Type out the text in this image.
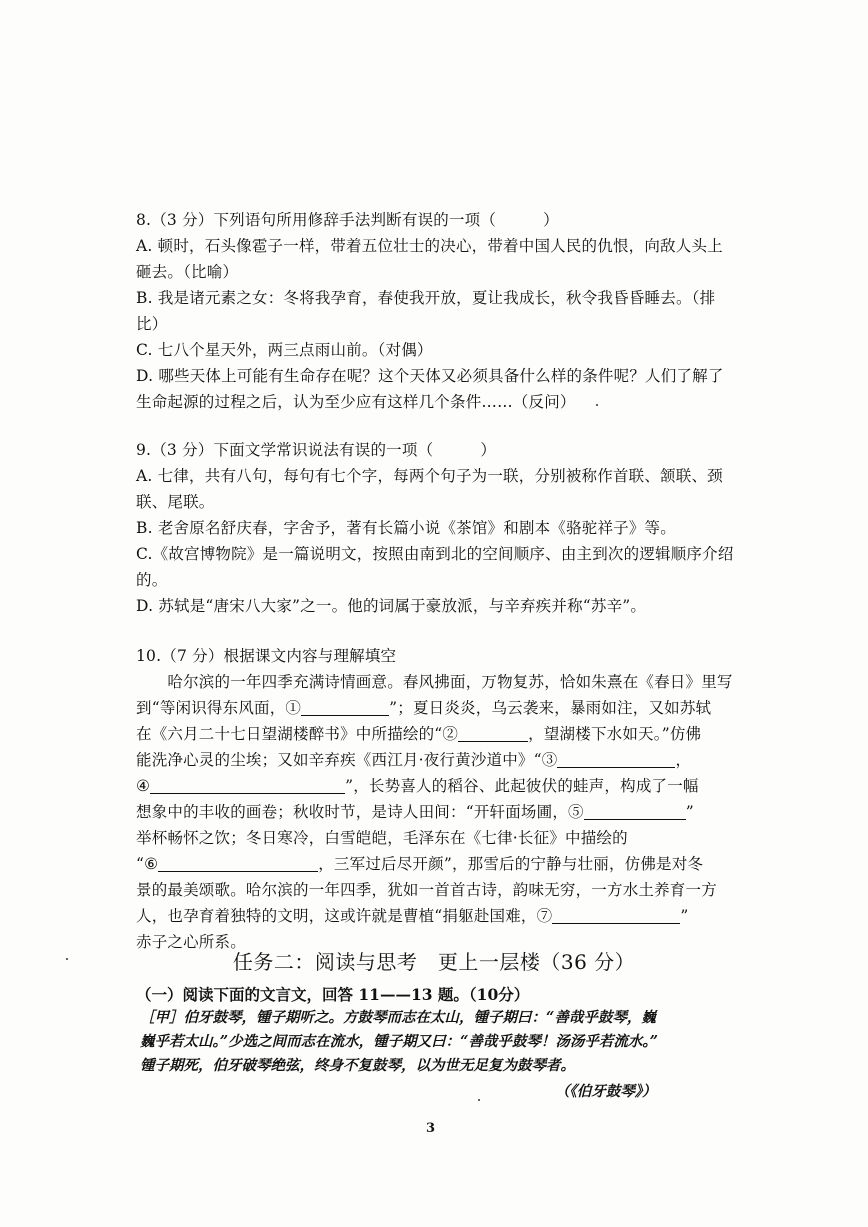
8.（3 分）下列语句所用修辞手法判断有误的一项（　　　）
A. 顿时，石头像雹子一样，带着五位壮士的决心，带着中国人民的仇恨，向敌人头上
砸去。（比喻）
B. 我是诸元素之女：冬将我孕育，春使我开放，夏让我成长，秋令我昏昏睡去。（排
比）
C. 七八个星天外，两三点雨山前。（对偶）
D. 哪些天体上可能有生命存在呢？这个天体又必须具备什么样的条件呢？人们了解了
生命起源的过程之后，认为至少应有这样几个条件……（反问）
9.（3 分）下面文学常识说法有误的一项（　　　）
A. 七律，共有八句，每句有七个字，每两个句子为一联，分别被称作首联、颔联、颈
联、尾联。
B. 老舍原名舒庆春，字舍予，著有长篇小说《茶馆》和剧本《骆驼祥子》等。
C.《故宫博物院》是一篇说明文，按照由南到北的空间顺序、由主到次的逻辑顺序介绍
的。
D. 苏轼是“唐宋八大家”之一。他的词属于豪放派，与辛弃疾并称“苏辛”。
10.（7 分）根据课文内容与理解填空
　　哈尔滨的一年四季充满诗情画意。春风拂面，万物复苏，恰如朱熹在《春日》里写
到“等闲识得东风面，①	”；夏日炎炎，乌云袭来，暴雨如注，又如苏轼
在《六月二十七日望湖楼醉书》中所描绘的“②	，望湖楼下水如天。”仿佛
能洗净心灵的尘埃；又如辛弃疾《西江月·夜行黄沙道中》“③	，
④	”，长势喜人的稻谷、此起彼伏的蛙声，构成了一幅
想象中的丰收的画卷；秋收时节，是诗人田间：“开轩面场圃，⑤	”
举杯畅怀之饮；冬日寒冷，白雪皑皑，毛泽东在《七律·长征》中描绘的
“⑥	，三军过后尽开颜”，那雪后的宁静与壮丽，仿佛是对冬
景的最美颂歌。哈尔滨的一年四季，犹如一首首古诗，韵味无穷，一方水土养育一方
人，也孕育着独特的文明，这或许就是曹植“捐躯赴国难，⑦	”
赤子之心所系。
任务二：阅读与思考　更上一层楼（36 分）
（一）阅读下面的文言文，回答 11——13 题。（10分）
［甲］伯牙鼓琴，锺子期听之。方鼓琴而志在太山，锺子期曰：“善哉乎鼓琴，巍
巍乎若太山。”少选之间而志在流水，锺子期又曰：“善哉乎鼓琴！汤汤乎若流水。”
锺子期死，伯牙破琴绝弦，终身不复鼓琴，以为世无足复为鼓琴者。
（《伯牙鼓琴》）
3
